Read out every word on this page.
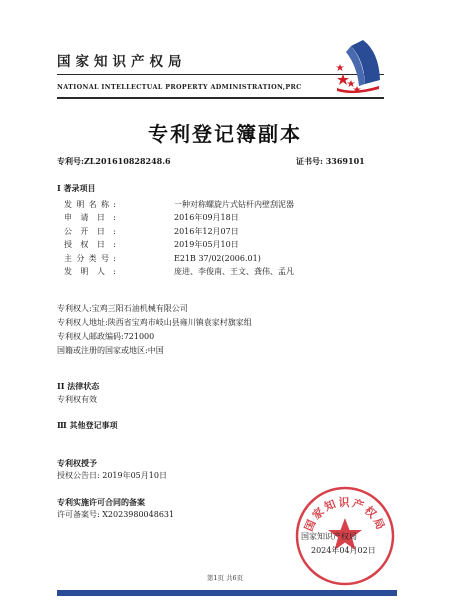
国家知识产权局
NATIONAL INTELLECTUAL PROPERTY ADMINISTRATION,PRC
专利登记簿副本
专利号:ZL201610828248.6	证书号: 3369101
I 著录项目
发明名称:	一种对称螺旋片式钻杆内壁刮泥器
申请日:	2016年09月18日
公开日:	2016年12月07日
授权日:	2019年05月10日
主分类号:	E21B 37/02(2006.01)
发明人:	庞进、李俊南、王文、龚伟、孟凡
专利权人:宝鸡三阳石油机械有限公司
专利权人地址:陕西省宝鸡市岐山县雍川镇袁家村旗家组
专利权人邮政编码:721000
国籍或注册的国家或地区:中国
II 法律状态
专利权有效
Ⅲ 其他登记事项
专利权授予
授权公告日: 2019年05月10日
专利实施许可合同的备案
许可备案号: X2023980048631
国家知识产权局
国家知识产权局
2024年04月02日
第1页 共6页
